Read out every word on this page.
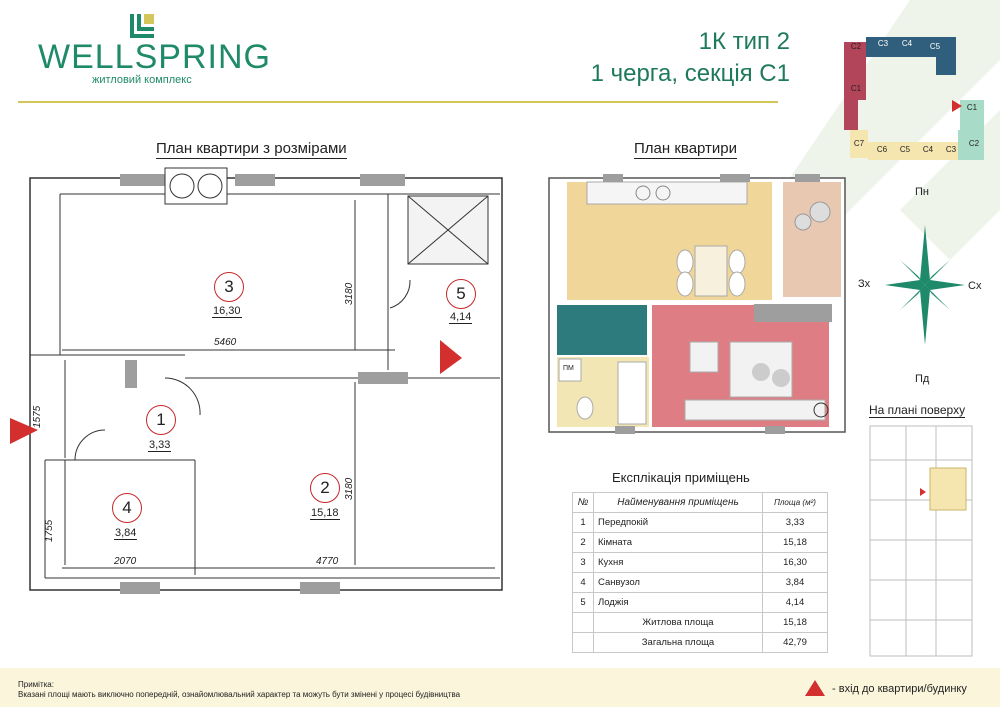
WELLSPRING
житловий комплекс
1К тип 2
1 черга, секція С1
С2	С3	С4	С5
С1
С1
С7
С6	С5	С4	С3
С2
Пн
Зх	Сх
Пд
План квартири з розмірами	План квартири
3
16,30
5
4,14
1
3,33
4
3,84
2
15,18
5460
2070	4770
3180
3180
1575
1755
ПМ
Експлікація приміщень
№	Найменування приміщень	Площа (м²)
1	Передпокій	3,33
2	Кімната	15,18
3	Кухня	16,30
4	Санвузол	3,84
5	Лоджія	4,14
	Житлова площа	15,18
	Загальна площа	42,79
На плані поверху
Примітка:
Вказані площі мають виключно попередній, ознайомлювальний характер та можуть бути змінені у процесі будівництва	- вхід до квартири/будинку
